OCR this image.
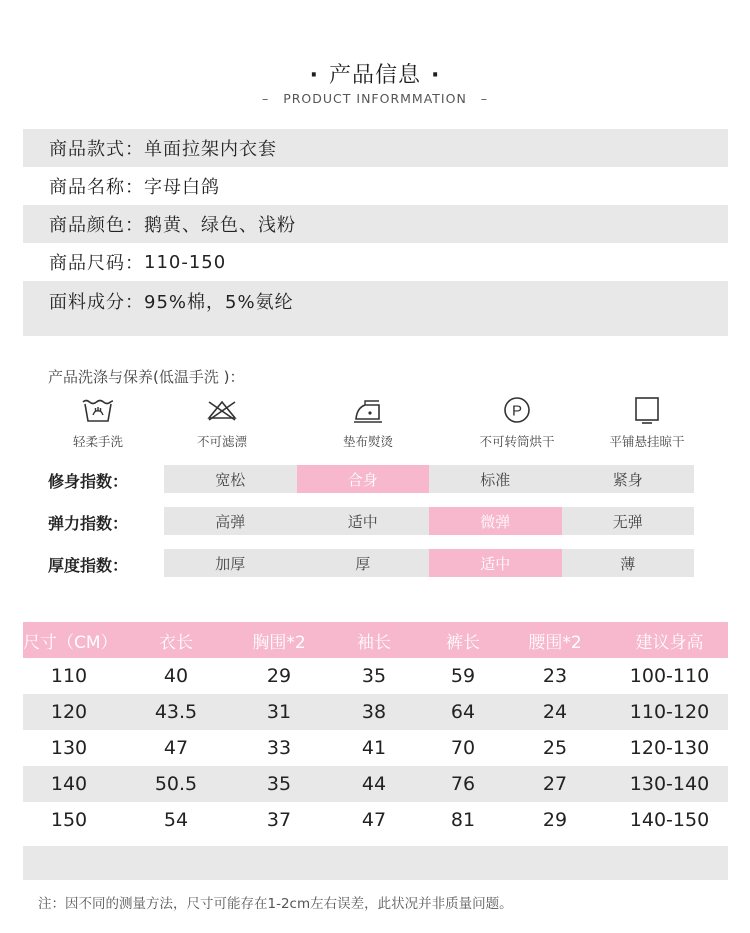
· 产品信息 ·
– PRODUCT INFORMMATION –
商品款式： 单面拉架内衣套
商品名称： 字母白鸽
商品颜色： 鹅黄、绿色、浅粉
商品尺码： 110-150
面料成分： 95%棉，5%氨纶
产品洗涤与保养(低温手洗 )：
轻柔手洗	不可滤漂	垫布熨烫
P
不可转筒烘干	平铺悬挂晾干
修身指数：	宽松	合身	标准	紧身
弹力指数：	高弹	适中	微弹	无弹
厚度指数：	加厚	厚	适中	薄
尺寸（CM）	衣长	胸围*2	袖长	裤长	腰围*2	建议身高
110	40	29	35	59	23	100-110
120	43.5	31	38	64	24	110-120
130	47	33	41	70	25	120-130
140	50.5	35	44	76	27	130-140
150	54	37	47	81	29	140-150
注：因不同的测量方法，尺寸可能存在1-2cm左右误差，此状况并非质量问题。
